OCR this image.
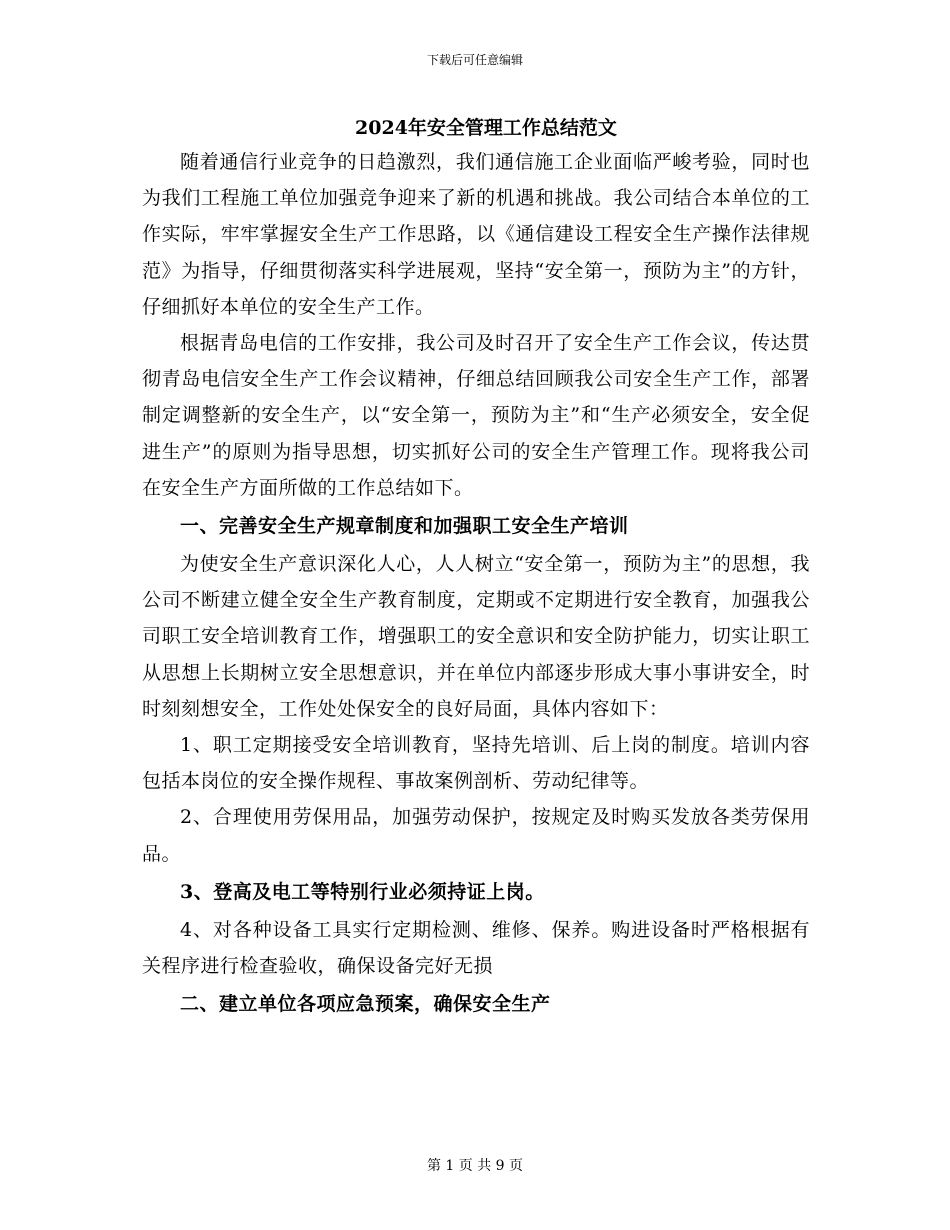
下载后可任意编辑
2024年安全管理工作总结范文

随着通信行业竞争的日趋激烈，我们通信施工企业面临严峻考验，同时也为我们工程施工单位加强竞争迎来了新的机遇和挑战。我公司结合本单位的工作实际，牢牢掌握安全生产工作思路，以《通信建设工程安全生产操作法律规范》为指导，仔细贯彻落实科学进展观，坚持“安全第一，预防为主”的方针，仔细抓好本单位的安全生产工作。

根据青岛电信的工作安排，我公司及时召开了安全生产工作会议，传达贯彻青岛电信安全生产工作会议精神，仔细总结回顾我公司安全生产工作，部署制定调整新的安全生产，以“安全第一，预防为主”和“生产必须安全，安全促进生产”的原则为指导思想，切实抓好公司的安全生产管理工作。现将我公司在安全生产方面所做的工作总结如下。

一、完善安全生产规章制度和加强职工安全生产培训

为使安全生产意识深化人心，人人树立“安全第一，预防为主”的思想，我公司不断建立健全安全生产教育制度，定期或不定期进行安全教育，加强我公司职工安全培训教育工作，增强职工的安全意识和安全防护能力，切实让职工从思想上长期树立安全思想意识，并在单位内部逐步形成大事小事讲安全，时时刻刻想安全，工作处处保安全的良好局面，具体内容如下：

1、职工定期接受安全培训教育，坚持先培训、后上岗的制度。培训内容包括本岗位的安全操作规程、事故案例剖析、劳动纪律等。

2、合理使用劳保用品，加强劳动保护，按规定及时购买发放各类劳保用品。

3、登高及电工等特别行业必须持证上岗。

4、对各种设备工具实行定期检测、维修、保养。购进设备时严格根据有关程序进行检查验收，确保设备完好无损

二、建立单位各项应急预案，确保安全生产

第 1 页 共 9 页
